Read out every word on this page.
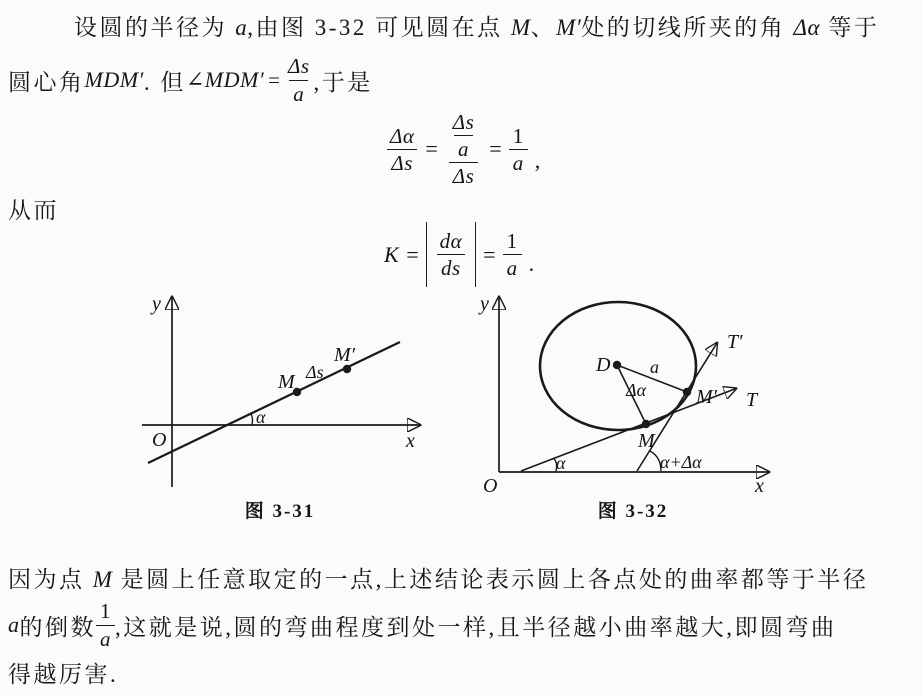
设圆的半径为 a,由图 3-32 可见圆在点 M、M′处的切线所夹的角 Δα 等于
圆心角 MDM′ . 但 ∠MDM′ = $\frac{\Delta s}{a}$ ,于是
$\frac{\Delta\alpha}{\Delta s} = \frac{\frac{\Delta s}{a}}{\Delta s} = \frac{1}{a}$ ,
从而
$K = \frac{d\alpha}{ds} = \frac{1}{a}$ .
y
O	x
M Δs
M′
α
图 3-31
y
O	x
D a
Δα
M
M′ T
T′
α	α+Δα
图 3-32
因为点 M 是圆上任意取定的一点,上述结论表示圆上各点处的曲率都等于半径
a 的倒数 $\frac{1}{a}$ ,这就是说,圆的弯曲程度到处一样,且半径越小曲率越大,即圆弯曲
得越厉害.
